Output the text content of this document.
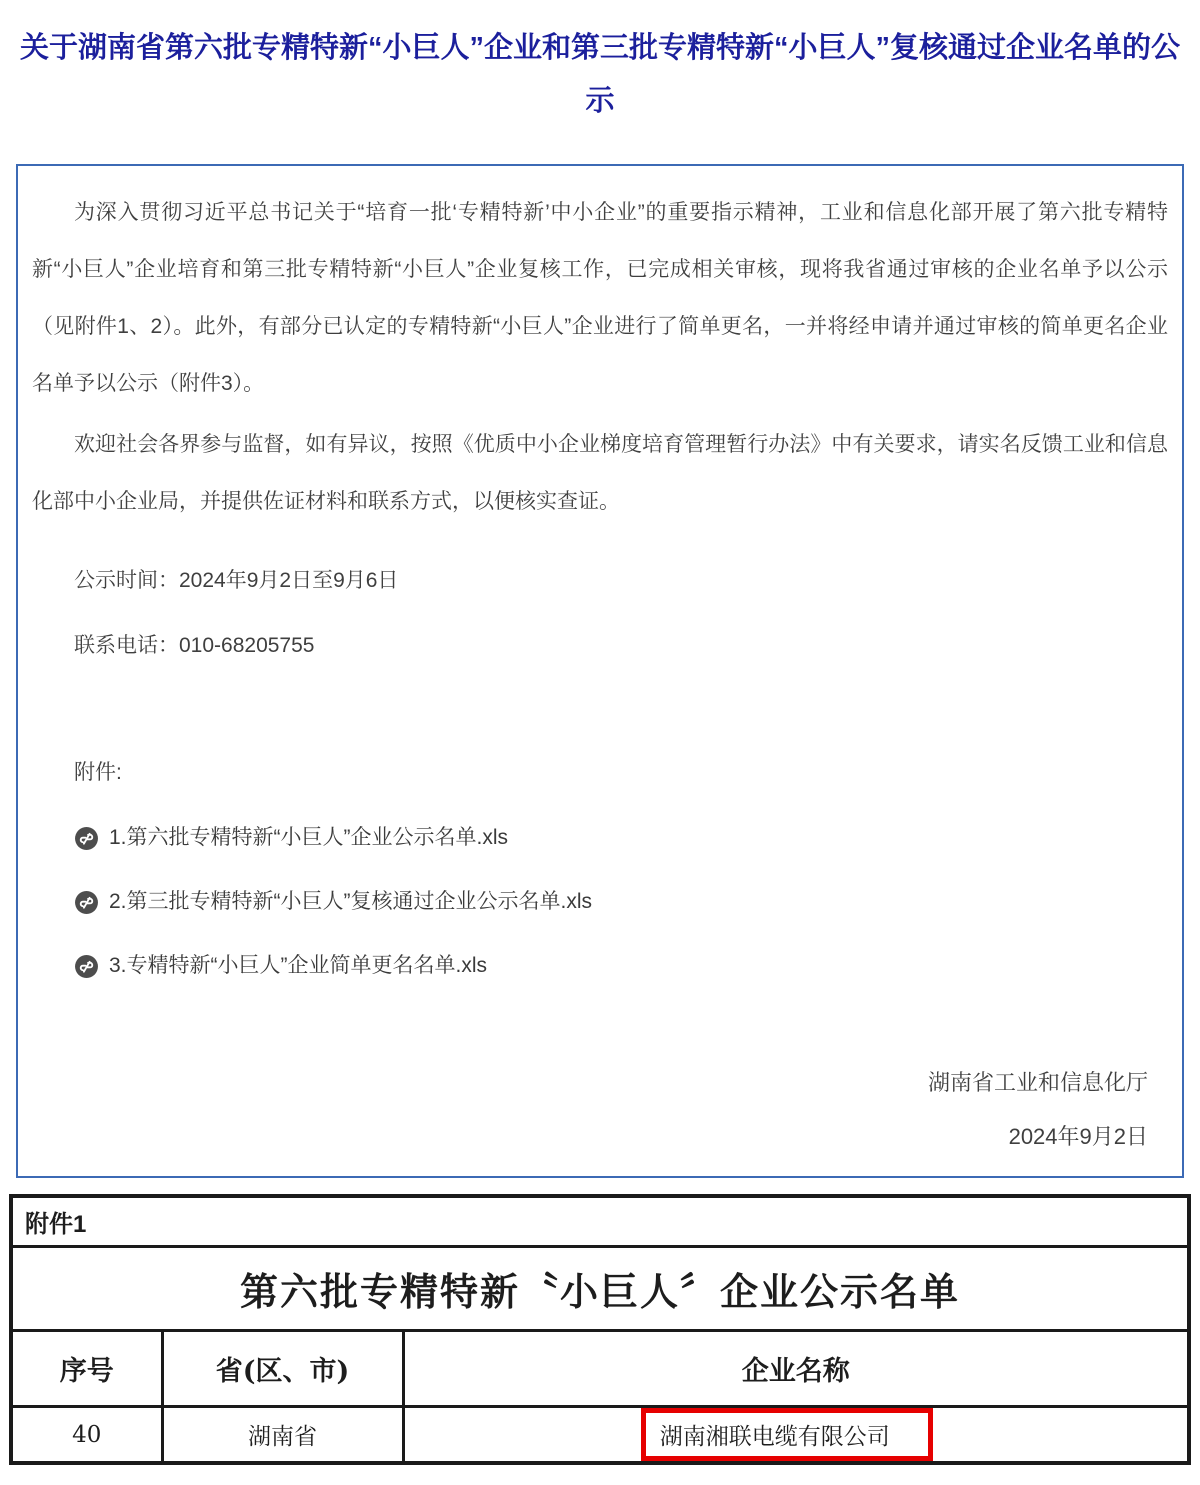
关于湖南省第六批专精特新“小巨人”企业和第三批专精特新“小巨人”复核通过企业名单的公示

为深入贯彻习近平总书记关于“培育一批‘专精特新’中小企业”的重要指示精神，工业和信息化部开展了第六批专精特新“小巨人”企业培育和第三批专精特新“小巨人”企业复核工作，已完成相关审核，现将我省通过审核的企业名单予以公示（见附件1、2）。此外，有部分已认定的专精特新“小巨人”企业进行了简单更名，一并将经申请并通过审核的简单更名企业名单予以公示（附件3）。

欢迎社会各界参与监督，如有异议，按照《优质中小企业梯度培育管理暂行办法》中有关要求，请实名反馈工业和信息化部中小企业局，并提供佐证材料和联系方式，以便核实查证。

公示时间：2024年9月2日至9月6日

联系电话：010-68205755

附件:

1.第六批专精特新“小巨人”企业公示名单.xls
2.第三批专精特新“小巨人”复核通过企业公示名单.xls
3.专精特新“小巨人”企业简单更名名单.xls

湖南省工业和信息化厅

2024年9月2日

附件1		
第六批专精特新〝小巨人〞企业公示名单		
序号	省(区、市)	企业名称
40	湖南省	湖南湘联电缆有限公司
